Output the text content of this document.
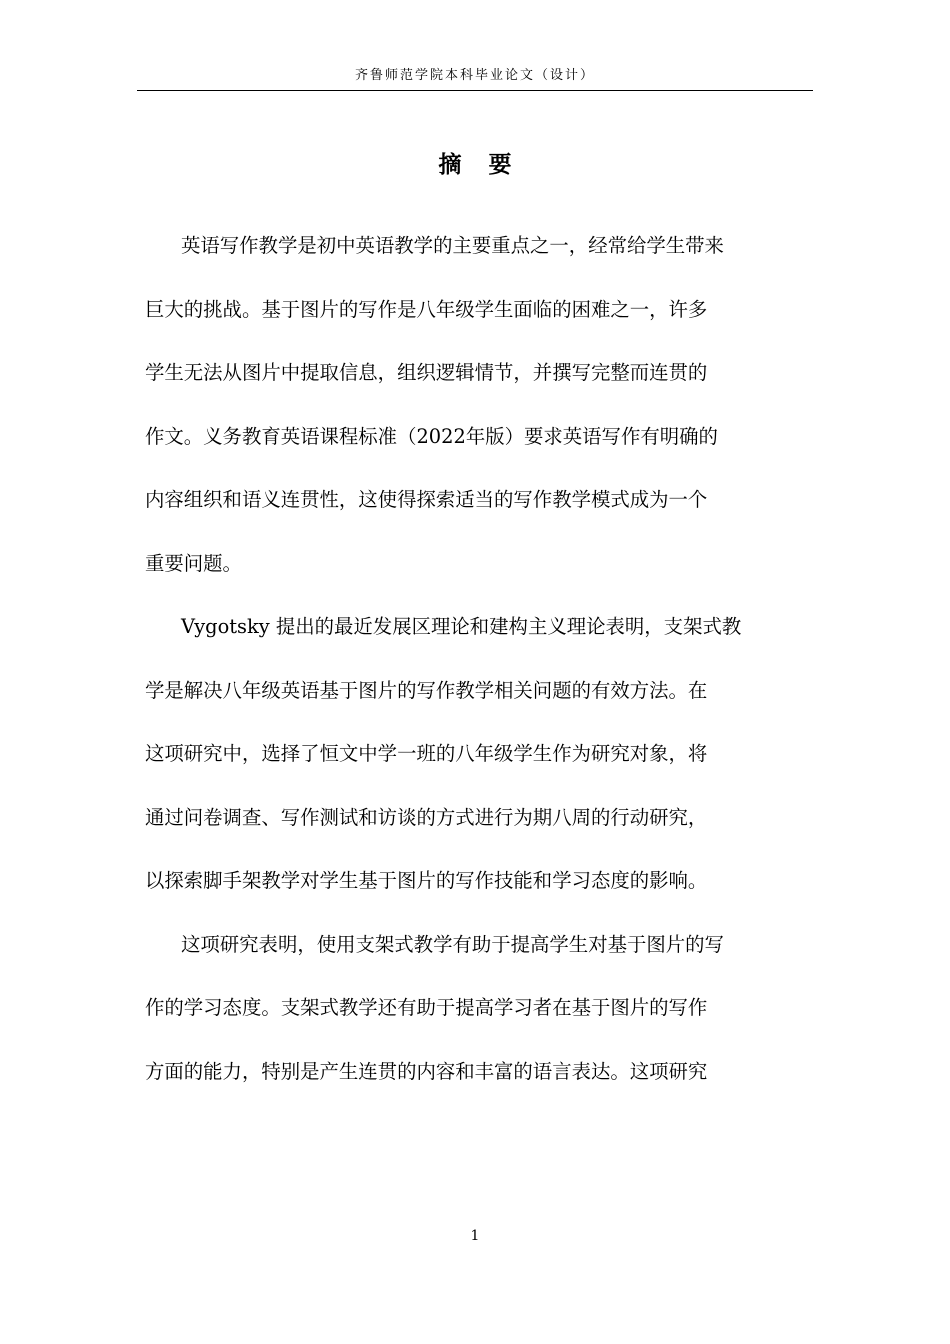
齐鲁师范学院本科毕业论文（设计）
摘要
英语写作教学是初中英语教学的主要重点之一，经常给学生带来
巨大的挑战。基于图片的写作是八年级学生面临的困难之一，许多
学生无法从图片中提取信息，组织逻辑情节，并撰写完整而连贯的
作文。义务教育英语课程标准（2022年版）要求英语写作有明确的
内容组织和语义连贯性，这使得探索适当的写作教学模式成为一个
重要问题。
Vygotsky 提出的最近发展区理论和建构主义理论表明，支架式教
学是解决八年级英语基于图片的写作教学相关问题的有效方法。在
这项研究中，选择了恒文中学一班的八年级学生作为研究对象，将
通过问卷调查、写作测试和访谈的方式进行为期八周的行动研究，
以探索脚手架教学对学生基于图片的写作技能和学习态度的影响。
这项研究表明，使用支架式教学有助于提高学生对基于图片的写
作的学习态度。支架式教学还有助于提高学习者在基于图片的写作
方面的能力，特别是产生连贯的内容和丰富的语言表达。这项研究
1
